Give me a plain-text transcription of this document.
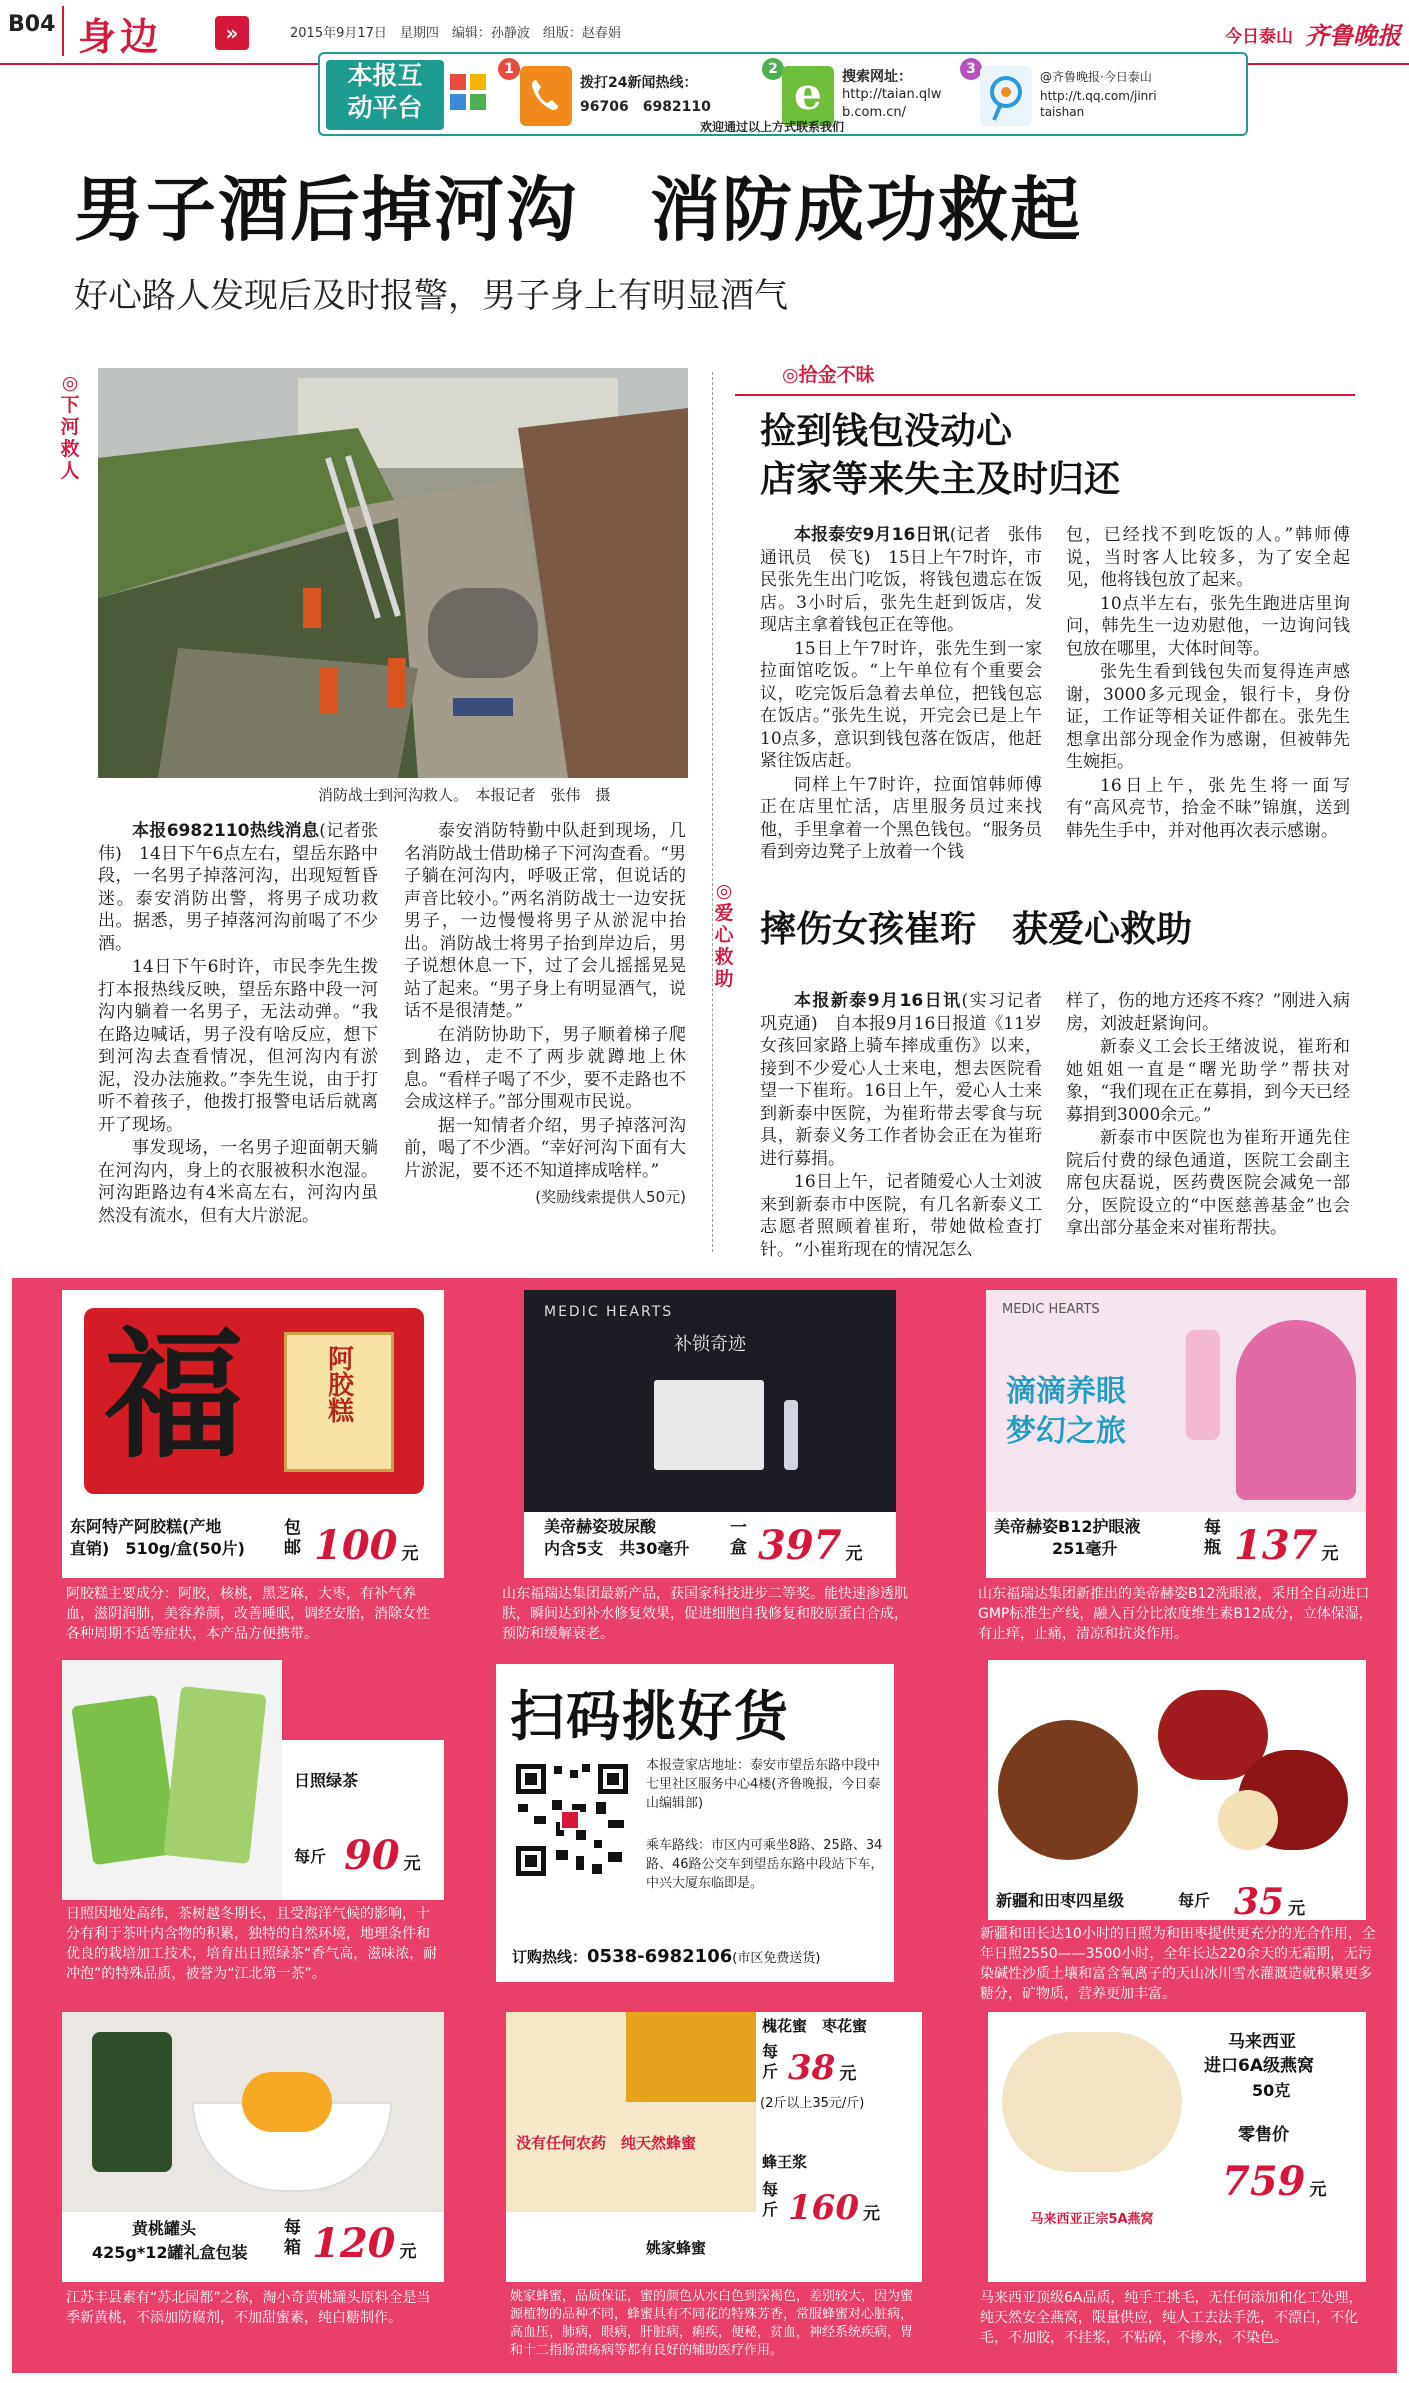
B04 身边	»	2015年9月17日　星期四　编辑：孙静波　组版：赵春娟	今日泰山 齐鲁晚报
本报互
动平台
1
拨打24新闻热线：
96706　6982110
2 e	搜索网址：
http://taian.qlwb.com.cn/
3	@齐鲁晚报·今日泰山
http://t.qq.com/jinritaishan
欢迎通过以上方式联系我们
男子酒后掉河沟　消防成功救起
好心路人发现后及时报警，男子身上有明显酒气
◎下河救人
消防战士到河沟救人。　本报记者　张伟　摄
本报6982110热线消息(记者张伟)　14日下午6点左右，望岳东路中段，一名男子掉落河沟，出现短暂昏迷。泰安消防出警，将男子成功救出。据悉，男子掉落河沟前喝了不少酒。
14日下午6时许，市民李先生拨打本报热线反映，望岳东路中段一河沟内躺着一名男子，无法动弹。“我在路边喊话，男子没有啥反应，想下到河沟去查看情况，但河沟内有淤泥，没办法施救。”李先生说，由于打听不着孩子，他拨打报警电话后就离开了现场。
事发现场，一名男子迎面朝天躺在河沟内，身上的衣服被积水泡湿。河沟距路边有4米高左右，河沟内虽然没有流水，但有大片淤泥。
泰安消防特勤中队赶到现场，几名消防战士借助梯子下河沟查看。“男子躺在河沟内，呼吸正常，但说话的声音比较小。”两名消防战士一边安抚男子，一边慢慢将男子从淤泥中抬出。消防战士将男子抬到岸边后，男子说想休息一下，过了会儿摇摇晃晃站了起来。“男子身上有明显酒气，说话不是很清楚。”
在消防协助下，男子顺着梯子爬到路边，走不了两步就蹲地上休息。“看样子喝了不少，要不走路也不会成这样子。”部分围观市民说。
据一知情者介绍，男子掉落河沟前，喝了不少酒。“幸好河沟下面有大片淤泥，要不还不知道摔成啥样。”
(奖励线索提供人50元)
◎拾金不昧
捡到钱包没动心
店家等来失主及时归还
本报泰安9月16日讯(记者　张伟　通讯员　侯飞)　15日上午7时许，市民张先生出门吃饭，将钱包遗忘在饭店。3小时后，张先生赶到饭店，发现店主拿着钱包正在等他。
15日上午7时许，张先生到一家拉面馆吃饭。“上午单位有个重要会议，吃完饭后急着去单位，把钱包忘在饭店。”张先生说，开完会已是上午10点多，意识到钱包落在饭店，他赶紧往饭店赶。
同样上午7时许，拉面馆韩师傅正在店里忙活，店里服务员过来找他，手里拿着一个黑色钱包。“服务员看到旁边凳子上放着一个钱
包，已经找不到吃饭的人。”韩师傅说，当时客人比较多，为了安全起见，他将钱包放了起来。
10点半左右，张先生跑进店里询问，韩先生一边劝慰他，一边询问钱包放在哪里，大体时间等。
张先生看到钱包失而复得连声感谢，3000多元现金，银行卡，身份证，工作证等相关证件都在。张先生想拿出部分现金作为感谢，但被韩先生婉拒。
16日上午，张先生将一面写有“高风亮节，拾金不昧”锦旗，送到韩先生手中，并对他再次表示感谢。
◎爱心救助
摔伤女孩崔珩　获爱心救助
本报新泰9月16日讯(实习记者　巩克通)　自本报9月16日报道《11岁女孩回家路上骑车摔成重伤》以来，接到不少爱心人士来电，想去医院看望一下崔珩。16日上午，爱心人士来到新泰中医院，为崔珩带去零食与玩具，新泰义务工作者协会正在为崔珩进行募捐。
16日上午，记者随爱心人士刘波来到新泰市中医院，有几名新泰义工志愿者照顾着崔珩，带她做检查打针。“小崔珩现在的情况怎么
样了，伤的地方还疼不疼？”刚进入病房，刘波赶紧询问。
新泰义工会长王绪波说，崔珩和她姐姐一直是“曙光助学”帮扶对象，“我们现在正在募捐，到今天已经募捐到3000余元。”
新泰市中医院也为崔珩开通先住院后付费的绿色通道，医院工会副主席包庆磊说，医药费医院会减免一部分，医院设立的“中医慈善基金”也会拿出部分基金来对崔珩帮扶。
福	阿胶糕
东阿特产阿胶糕(产地
直销)　510g/盒(50片)
包邮 100 元
阿胶糕主要成分：阿胶，核桃，黑芝麻，大枣，有补气养血，滋阴润肺，美容养颜，改善睡眠，调经安胎，消除女性各种周期不适等症状，本产品方便携带。
MEDIC HEARTS
补锁奇迹
美帝赫姿玻尿酸
内含5支　共30毫升
一盒 397 元
山东福瑞达集团最新产品，获国家科技进步二等奖。能快速渗透肌肤，瞬间达到补水修复效果，促进细胞自我修复和胶原蛋白合成，预防和缓解衰老。
MEDIC HEARTS
滴滴养眼
梦幻之旅
美帝赫姿B12护眼液
251毫升
每瓶 137 元
山东福瑞达集团新推出的美帝赫姿B12洗眼液，采用全自动进口GMP标准生产线，融入百分比浓度维生素B12成分，立体保湿，有止痒，止痛，清凉和抗炎作用。
日照绿茶
每斤 90 元
日照因地处高纬，茶树越冬期长，且受海洋气候的影响，十分有利于茶叶内含物的积累，独特的自然环境，地理条件和优良的栽培加工技术，培育出日照绿茶“香气高，滋味浓，耐冲泡”的特殊品质，被誉为“江北第一茶”。
扫码挑好货
本报壹家店地址：泰安市望岳东路中段中七里社区服务中心4楼(齐鲁晚报，今日泰山编辑部)
乘车路线：市区内可乘坐8路、25路、34路、46路公交车到望岳东路中段站下车，中兴大厦东临即是。
订购热线：0538-6982106(市区免费送货)
新疆和田枣四星级	每斤 35 元
新疆和田长达10小时的日照为和田枣提供更充分的光合作用，全年日照2550——3500小时，全年长达220余天的无霜期，无污染碱性沙质土壤和富含氧离子的天山冰川雪水灌溉造就积累更多糖分，矿物质，营养更加丰富。
黄桃罐头
425g*12罐礼盒包装
每箱 120 元
江苏丰县素有“苏北园都”之称，淘小奇黄桃罐头原料全是当季新黄桃，不添加防腐剂，不加甜蜜素，纯白糖制作。
没有任何农药　纯天然蜂蜜
槐花蜜　枣花蜜
每斤 38 元
(2斤以上35元/斤)
蜂王浆
每斤 160 元
姚家蜂蜜
姚家蜂蜜，品质保证，蜜的颜色从水白色到深褐色，差别较大，因为蜜源植物的品种不同，蜂蜜具有不同花的特殊芳香，常服蜂蜜对心脏病，高血压，肺病，眼病，肝脏病，痢疾，便秘，贫血，神经系统疾病，胃和十二指肠溃疡病等都有良好的辅助医疗作用。
马来西亚正宗5A燕窝
马来西亚
进口6A级燕窝
50克
零售价
759 元
马来西亚顶级6A品质，纯手工挑毛，无任何添加和化工处理，纯天然安全燕窝，限量供应，纯人工去法手洗，不漂白，不化毛，不加胶，不挂浆，不粘碎，不掺水，不染色。
